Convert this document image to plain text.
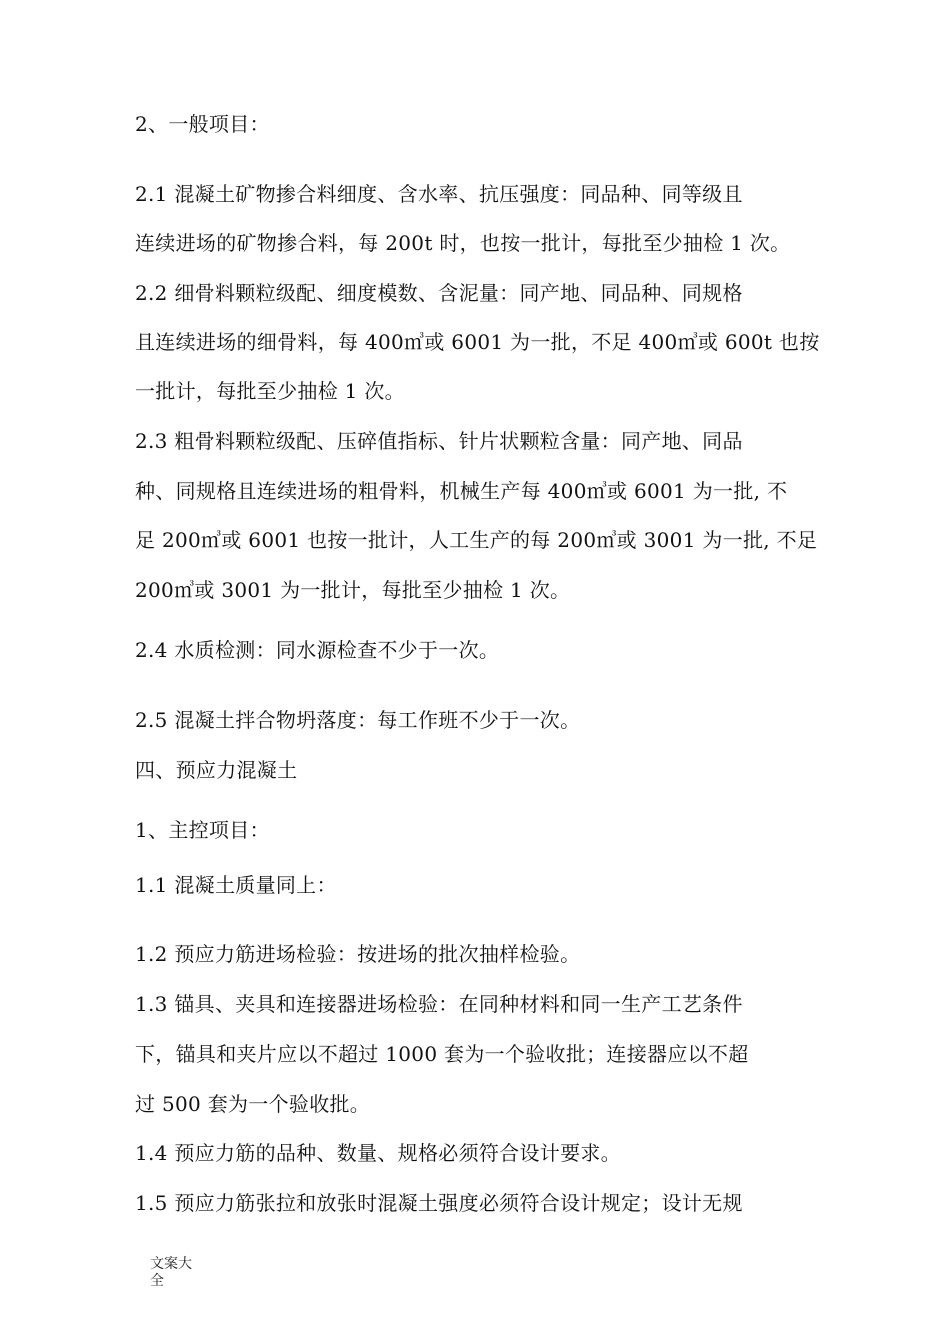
2、一般项目：
2.1 混凝土矿物掺合料细度、含水率、抗压强度：同品种、同等级且
连续进场的矿物掺合料，每 200t 时，也按一批计，每批至少抽检 1 次。
2.2 细骨料颗粒级配、细度模数、含泥量：同产地、同品种、同规格
且连续进场的细骨料，每 400㎥或 6001 为一批，不足 400㎥或 600t 也按
一批计，每批至少抽检 1 次。
2.3 粗骨料颗粒级配、压碎值指标、针片状颗粒含量：同产地、同品
种、同规格且连续进场的粗骨料，机械生产每 400㎥或 6001 为一批, 不
足 200㎥或 6001 也按一批计，人工生产的每 200㎥或 3001 为一批, 不足
200㎥或 3001 为一批计，每批至少抽检 1 次。
2.4 水质检测：同水源检查不少于一次。
2.5 混凝土拌合物坍落度：每工作班不少于一次。
四、预应力混凝土
1、主控项目：
1.1 混凝土质量同上：
1.2 预应力筋进场检验：按进场的批次抽样检验。
1.3 锚具、夹具和连接器进场检验：在同种材料和同一生产工艺条件
下，锚具和夹片应以不超过 1000 套为一个验收批；连接器应以不超
过 500 套为一个验收批。
1.4 预应力筋的品种、数量、规格必须符合设计要求。
1.5 预应力筋张拉和放张时混凝土强度必须符合设计规定；设计无规
文案大全
